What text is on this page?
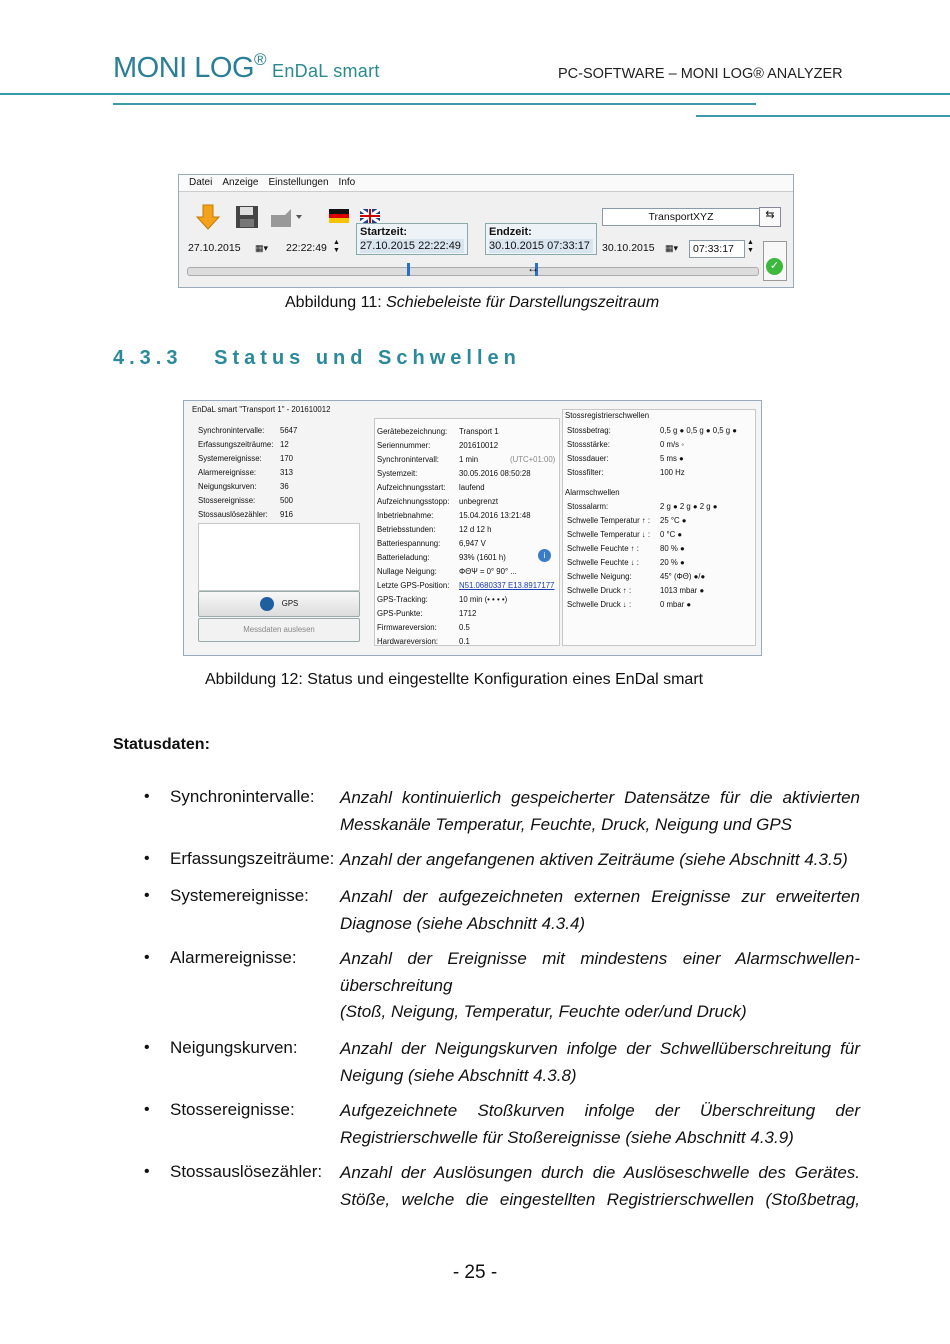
MONI LOG®EnDaL smart	PC-SOFTWARE – MONI LOG® ANALYZER
Datei Anzeige Einstellungen Info
27.10.2015	▦▾ 22:22:49 ▲
▼
Startzeit:
27.10.2015 22:22:49
Endzeit:
30.10.2015 07:33:17
TransportXYZ	⇆
30.10.2015	▦▾	07:33:17
▲
▼
✓
↔
Abbildung 11: Schiebeleiste für Darstellungszeitraum
4.3.3 Status und Schwellen
EnDaL smart "Transport 1" - 201610012
Synchronintervalle: 5647
Erfassungszeiträume: 12
Systemereignisse: 170
Alarmereignisse:	313
Neigungskurven:	36
Stossereignisse:	500
Stossauslösezähler: 916
GPS
Messdaten auslesen
Gerätebezeichnung: Transport 1
Seriennummer:	201610012
Synchronintervall:	1 min	(UTC+01:00)
Systemzeit:	30.05.2016 08:50:28
Aufzeichnungsstart: laufend
Aufzeichnungsstopp: unbegrenzt
Inbetriebnahme:	15.04.2016 13:21:48
Betriebsstunden:	12 d 12 h
Batteriespannung: 6,947 V
Batterieladung:	93% (1601 h)	i
Nullage Neigung:	ΦΘΨ = 0° 90° ...
Letzte GPS-Position: N51.0680337 E13.8917177
GPS-Tracking:	10 min (• • • •)
GPS-Punkte:	1712
Firmwareversion:	0.5
Hardwareversion:	0.1
Stossregistrierschwellen
Stossbetrag:	0,5 g ● 0,5 g ● 0,5 g ●
Stossstärke:	0 m/s ◦
Stossdauer:	5 ms ●
Stossfilter:	100 Hz
Alarmschwellen
Stossalarm:	2 g ● 2 g ● 2 g ●
Schwelle Temperatur ↑ : 25 °C ●
Schwelle Temperatur ↓ : 0 °C ●
Schwelle Feuchte ↑ :	80 % ●
Schwelle Feuchte ↓ :	20 % ●
Schwelle Neigung:	45° (ΦΘ) ●/●
Schwelle Druck ↑ :	1013 mbar ●
Schwelle Druck ↓ :	0 mbar ●
Abbildung 12: Status und eingestellte Konfiguration eines EnDal smart
Statusdaten:
• Synchronintervalle: Anzahl kontinuierlich gespeicherter Datensätze für die aktivierten
Messkanäle Temperatur, Feuchte, Druck, Neigung und GPS
• Erfassungszeiträume: Anzahl der angefangenen aktiven Zeiträume (siehe Abschnitt 4.3.5)
• Systemereignisse: Anzahl der aufgezeichneten externen Ereignisse zur erweiterten
Diagnose (siehe Abschnitt 4.3.4)
• Alarmereignisse:	Anzahl der Ereignisse mit mindestens einer Alarmschwellen-
überschreitung
(Stoß, Neigung, Temperatur, Feuchte oder/und Druck)
• Neigungskurven: Anzahl der Neigungskurven infolge der Schwellüberschreitung für
Neigung (siehe Abschnitt 4.3.8)
• Stossereignisse:	Aufgezeichnete Stoßkurven infolge der Überschreitung der
Registrierschwelle für Stoßereignisse (siehe Abschnitt 4.3.9)
• Stossauslösezähler: Anzahl der Auslösungen durch die Auslöseschwelle des Gerätes.
Stöße, welche die eingestellten Registrierschwellen (Stoßbetrag,
- 25 -
